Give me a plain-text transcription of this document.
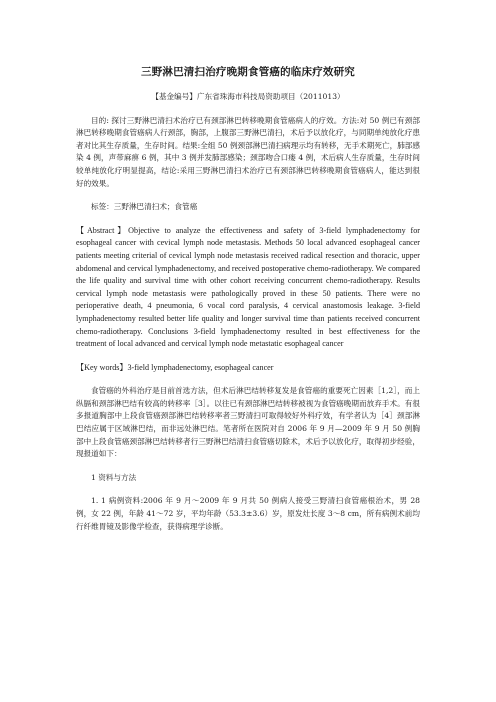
三野淋巴清扫治疗晚期食管癌的临床疗效研究

【基金编号】广东省珠海市科技局资助项目（2011013）

目的: 探讨三野淋巴清扫术治疗已有颈部淋巴转移晚期食管癌病人的疗效。方法:对 50 例已有颈部淋巴转移晚期食管癌病人行颈部，胸部，上腹部三野淋巴清扫，术后予以放化疗，与同期单纯放化疗患者对比其生存质量，生存时间。结果:全组 50 例颈部淋巴清扫病理示均有转移，无手术期死亡，肺部感染 4 例，声带麻痹 6 例，其中 3 例并发肺部感染；颈部吻合口瘘 4 例，术后病人生存质量，生存时间较单纯放化疗明显提高，结论:采用三野淋巴清扫术治疗已有颈部淋巴转移晚期食管癌病人，能达到很好的效果。

标签：三野淋巴清扫术；食管癌

【Abstract】Objective to analyze the effectiveness and safety of 3-field lymphadenectomy for esophageal cancer with cevical lymph node metastasis. Methods 50 local advanced esophageal cancer patients meeting criterial of cevical lymph node metastasis received radical resection and thoracic, upper abdomenal and cervical lymphadenectomy, and received postoperative chemo-radiotherapy. We compared the life quality and survival time with other cohort receiving concurrent chemo-radiotherapy. Results cervical lymph node metastasis were pathologically proved in these 50 patients. There were no perioperative death, 4 pneumonia, 6 vocal cord paralysis, 4 cervical anastomosis leakage. 3-field lymphadenectomy resulted better life quality and longer survival time than patients received concurrent chemo-radiotherapy. Conclusions 3-field lymphadenectomy resulted in best effectiveness for the treatment of local advanced and cervical lymph node metastatic esophageal cancer

【Key words】3-field lymphadenectomy, esophageal cancer

食管癌的外科治疗是目前首选方法，但术后淋巴结转移复发是食管癌的重要死亡因素［1,2］，而上纵膈和颈部淋巴结有较高的转移率［3］。以往已有颈部淋巴结转移被视为食管癌晚期而放弃手术。有很多报道胸部中上段食管癌颈部淋巴结转移率者三野清扫可取得较好外科疗效，有学者认为［4］颈部淋巴结应属于区域淋巴结，而非远处淋巴结。笔者所在医院对自 2006 年 9 月—2009 年 9 月 50 例胸部中上段食管癌颈部淋巴结转移者行三野淋巴结清扫食管癌切除术，术后予以放化疗，取得初步经验，现报道如下：

1 资料与方法

1. 1 病例资料:2006 年 9 月～2009 年 9 月共 50 例病人接受三野清扫食管癌根治术，男 28 例，女 22 例，年龄 41～72 岁，平均年龄（53.3±3.6）岁，原发灶长度 3～8 cm，所有病例术前均行纤维胃镜及影像学检查，获得病理学诊断。
